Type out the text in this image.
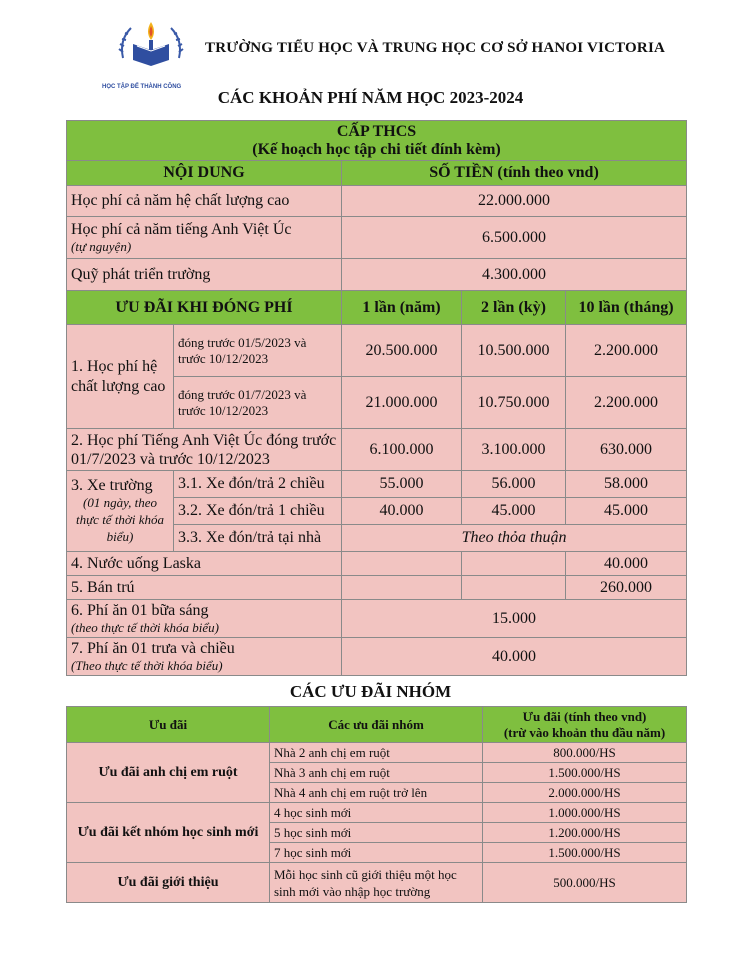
HỌC TẬP ĐỂ THÀNH CÔNG
TRƯỜNG TIỂU HỌC VÀ TRUNG HỌC CƠ SỞ HANOI VICTORIA
CÁC KHOẢN PHÍ NĂM HỌC 2023-2024
CẤP THCS
(Kế hoạch học tập chi tiết đính kèm)				

NỘI DUNG		SỐ TIỀN (tính theo vnd)		
Học phí cả năm hệ chất lượng cao		22.000.000		

Học phí cả năm tiếng Anh Việt Úc
(tự nguyện)		6.500.000		
Quỹ phát triển trường		4.300.000		
ƯU ĐÃI KHI ĐÓNG PHÍ		1 lần (năm)	2 lần (kỳ)	10 lần (tháng)
1. Học phí hệ chất lượng cao	đóng trước 01/5/2023 và trước 10/12/2023	20.500.000	10.500.000	2.200.000
	đóng trước 01/7/2023 và trước 10/12/2023	21.000.000	10.750.000	2.200.000
2. Học phí Tiếng Anh Việt Úc đóng trước 01/7/2023 và trước 10/12/2023		6.100.000	3.100.000	630.000

3. Xe trường
(01 ngày, theo thực tế thời khóa biểu)	3.1. Xe đón/trả 2 chiều	55.000	56.000	58.000
	3.2. Xe đón/trả 1 chiều	40.000	45.000	45.000
	3.3. Xe đón/trả tại nhà	Theo thỏa thuận		
4. Nước uống Laska				40.000
5. Bán trú				260.000

6. Phí ăn 01 bữa sáng
(theo thực tế thời khóa biểu)		15.000		

7. Phí ăn 01 trưa và chiều
(Theo thực tế thời khóa biểu)		40.000		
CÁC ƯU ĐÃI NHÓM
Ưu đãi	Các ưu đãi nhóm	Ưu đãi (tính theo vnd)
(trừ vào khoản thu đầu năm)

Ưu đãi anh chị em ruột	Nhà 2 anh chị em ruột	800.000/HS
	Nhà 3 anh chị em ruột	1.500.000/HS
	Nhà 4 anh chị em ruột trở lên	2.000.000/HS
Ưu đãi kết nhóm học sinh mới	4 học sinh mới	1.000.000/HS
	5 học sinh mới	1.200.000/HS
	7 học sinh mới	1.500.000/HS
Ưu đãi giới thiệu	Mỗi học sinh cũ giới thiệu một học sinh mới vào nhập học trường	500.000/HS
